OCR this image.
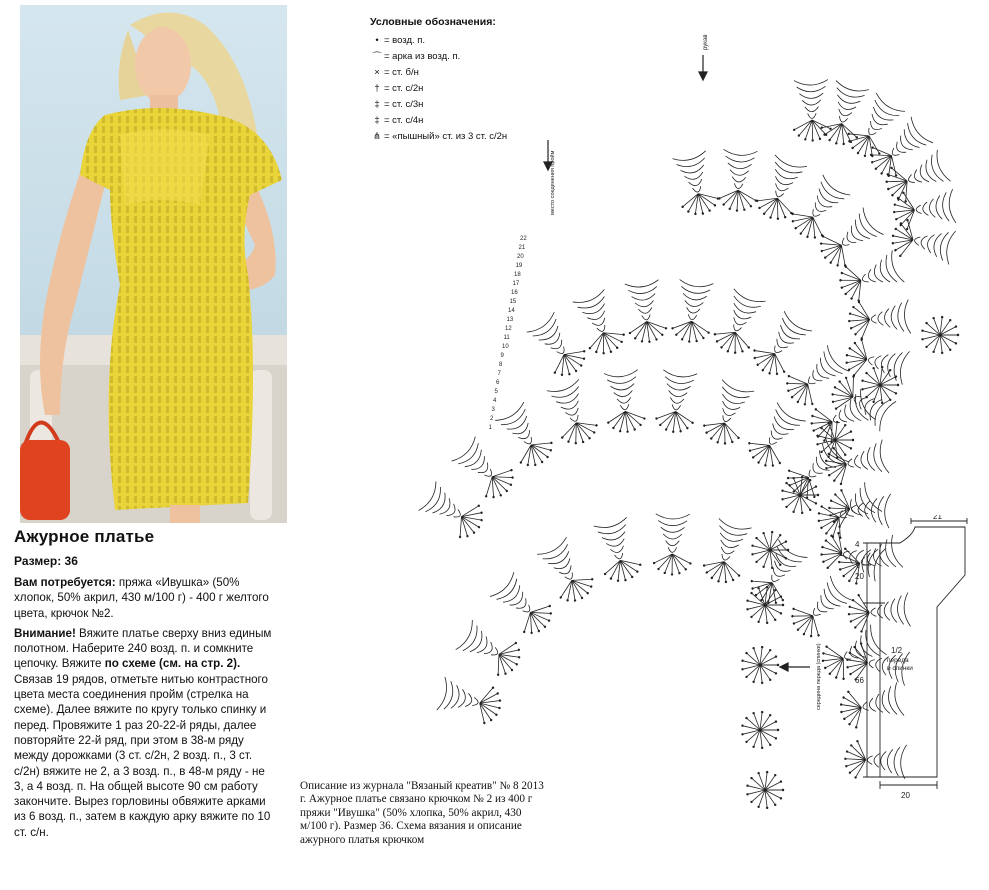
Ажурное платье
Размер: 36

Вам потребуется: пряжа «Ивушка» (50% хлопок, 50% акрил, 430 м/100 г) - 400 г желтого цвета, крючок №2.

Внимание! Вяжите платье сверху вниз единым полотном. Наберите 240 возд. п. и сомкните цепочку. Вяжите по схеме (см. на стр. 2). Связав 19 рядов, отметьте нитью контрастного цвета места соединения пройм (стрелка на схеме). Далее вяжите по кругу только спинку и перед. Провяжите 1 раз 20-22-й ряды, далее повторяйте 22-й ряд, при этом в 38-м ряду между дорожками (3 ст. с/2н, 2 возд. п., 3 ст. с/2н) вяжите не 2, а 3 возд. п., в 48-м ряду - не 3, а 4 возд. п. На общей высоте 90 см работу закончите. Вырез горловины обвяжите арками из 6 возд. п., затем в каждую арку вяжите по 10 ст. с/н.

рукав
место соединения пройм
середина переда (спинки)
22
21
20
19
18
17
16
15
14
13
12
11
10
9
8
7
6
5
4
3
2
1
Условные обозначения:
• = возд. п.
⌒ = арка из возд. п.
× = ст. б/н
† = ст. с/2н
‡ = ст. с/3н
‡ = ст. с/4н
⋔ = «пышный» ст. из 3 ст. с/2н
21
4
20
66
20
1/2
переда
и спинки
Описание из журнала "Вязаный креатив" № 8 2013 г. Ажурное платье связано крючком № 2 из 400 г пряжи "Ивушка" (50% хлопка, 50% акрил, 430 м/100 г). Размер 36. Схема вязания и описание ажурного платья крючком
